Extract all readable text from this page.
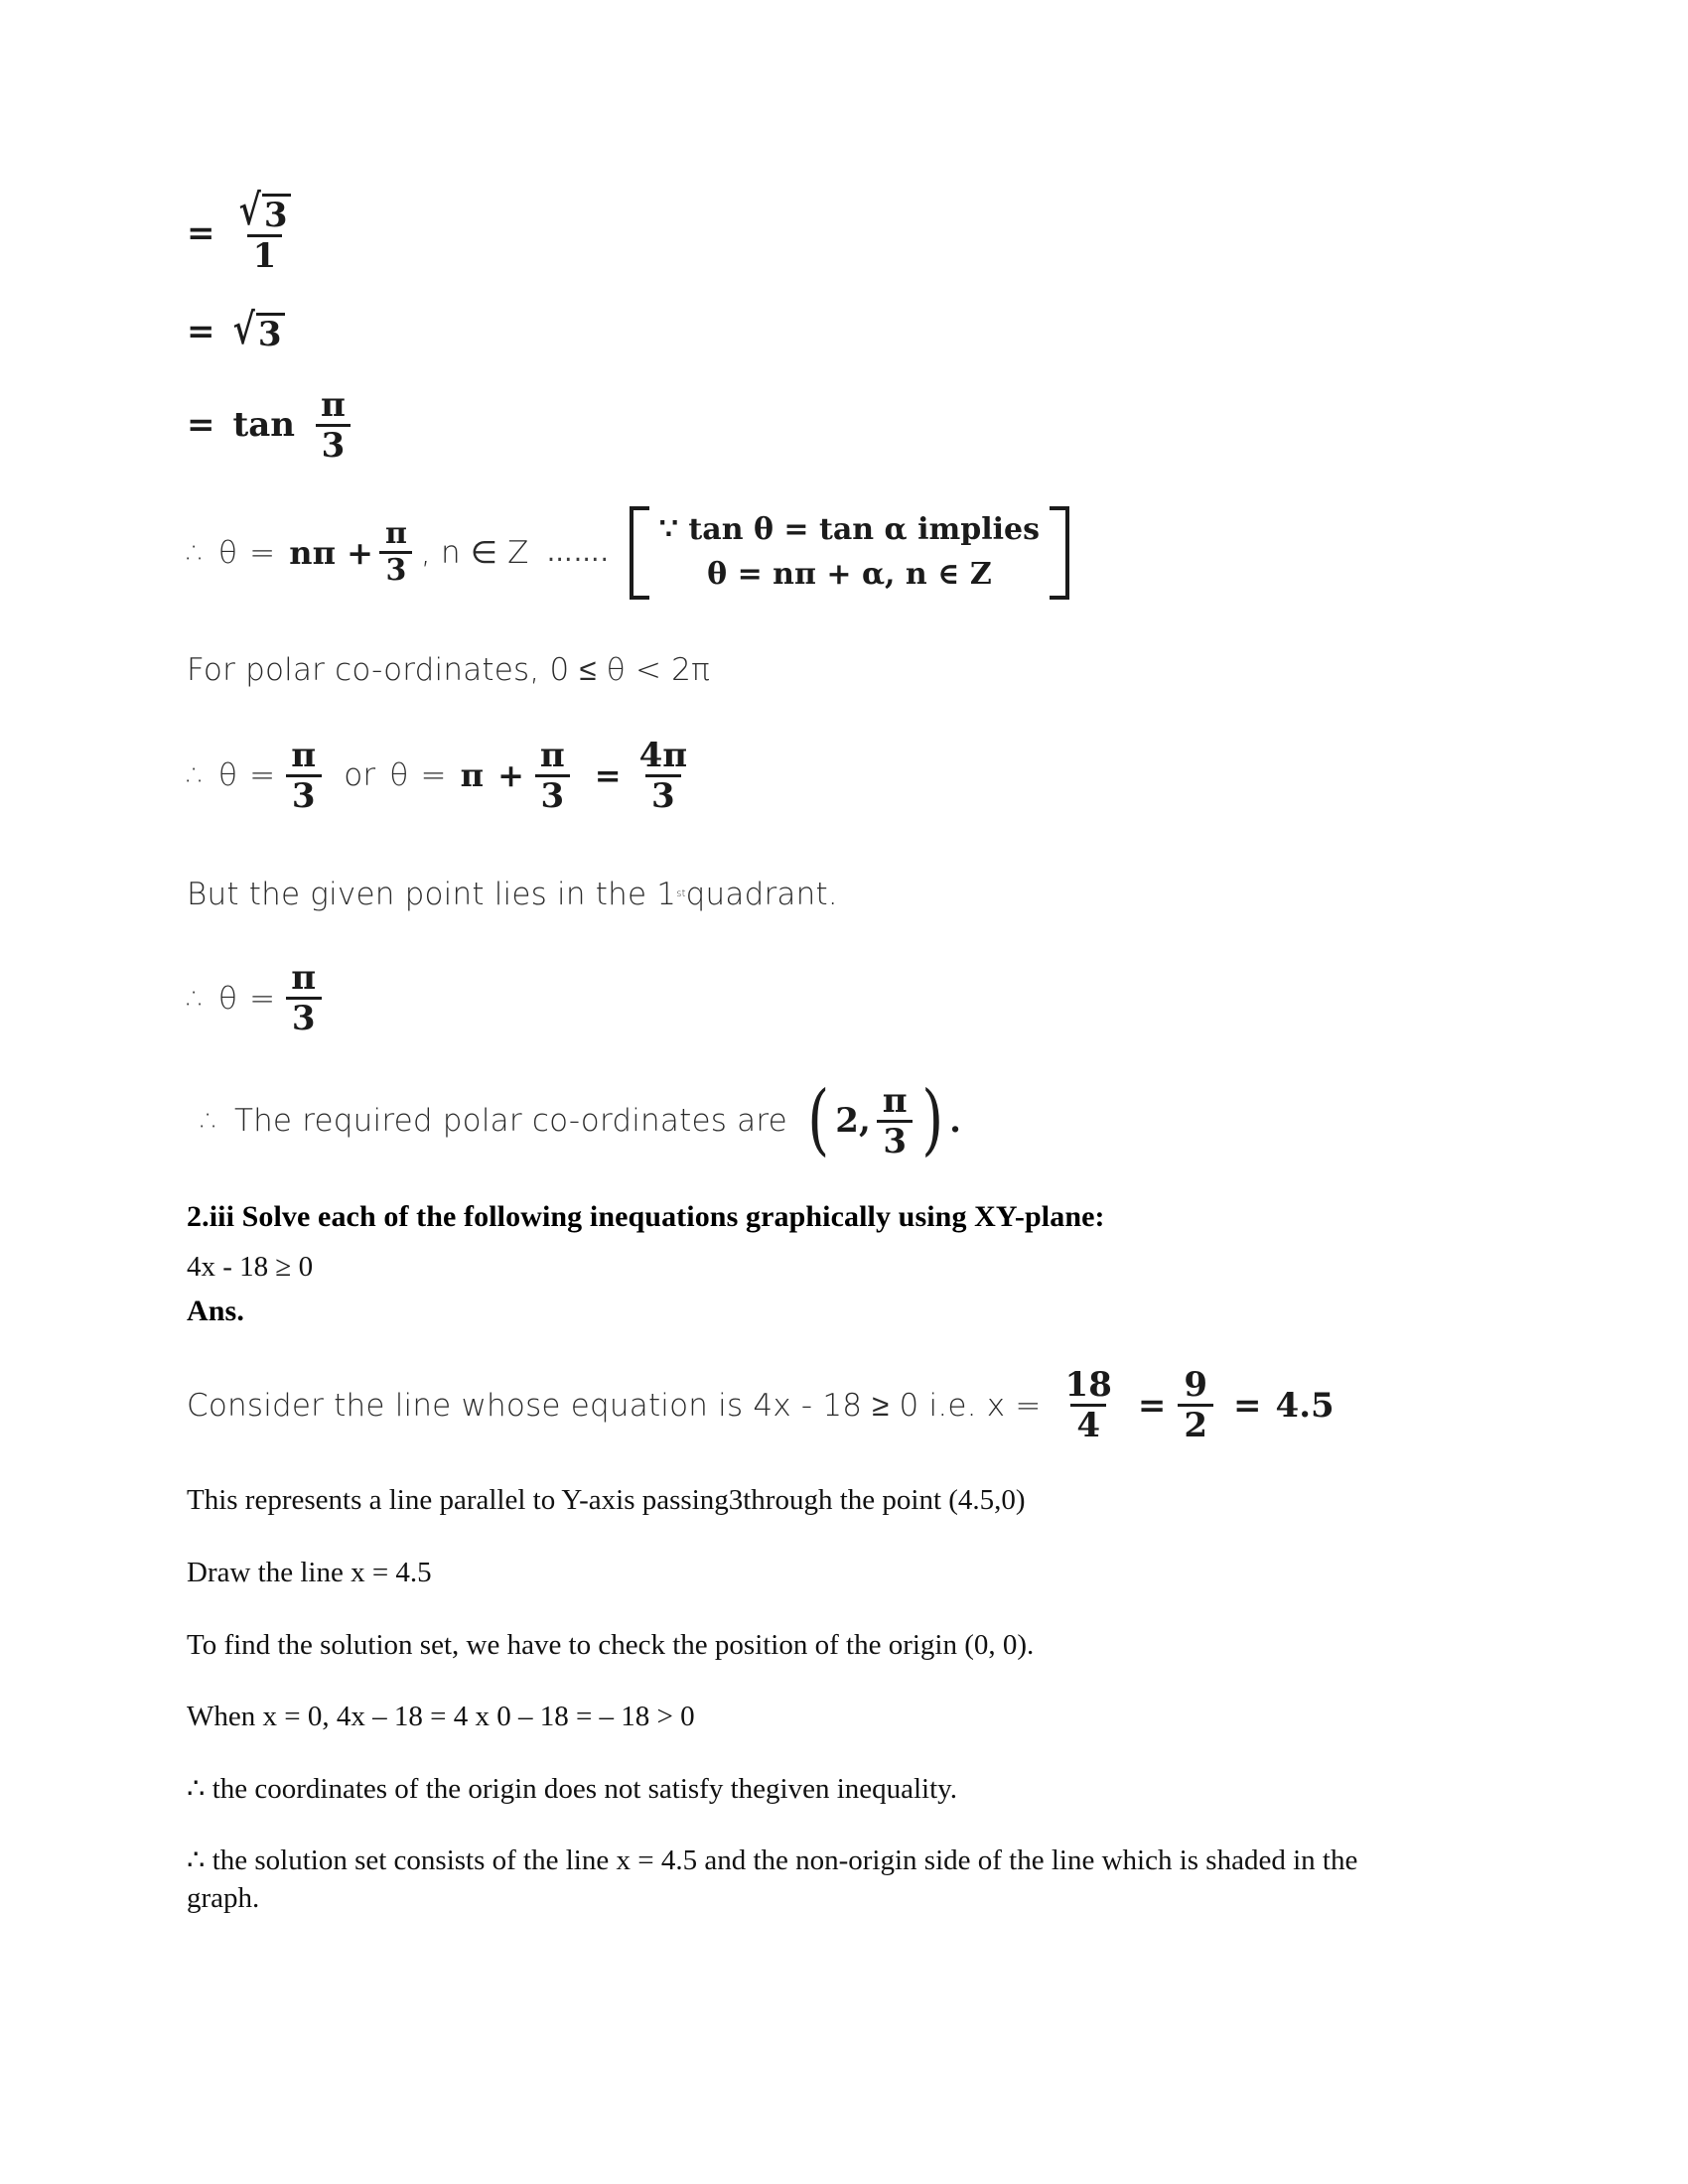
= $\frac{√ 3}{1}$
= √ 3
= $\tan \frac{\pi}{3}$
∴ $\theta = n\pi + \frac{\pi}{3}$ , n ∈ Z …….
∵ tan θ = tan α implies
θ = nπ + α, n ∈ Z
For polar co-ordinates, 0 ≤ θ < 2π
∴ $\theta = \frac{\pi}{3}$ or $\theta = \pi + \frac{\pi}{3} = \frac{4\pi}{3}$
But the given point lies in the 1 st quadrant.
∴ $\theta = \frac{\pi}{3}$
∴ The required polar co-ordinates are ( 2, $\frac{\pi}{3}$ ) .

2.iii Solve each of the following inequations graphically using XY-plane:

4x - 18 ≥ 0

Ans.

Consider the line whose equation is 4x - 18 ≥ 0 i.e. $x = \frac{18}{4} = \frac{9}{2} = 4.5$

This represents a line parallel to Y-axis passing3through the point (4.5,0)

Draw the line x = 4.5

To find the solution set, we have to check the position of the origin (0, 0).

When x = 0, 4x – 18 = 4 x 0 – 18 = – 18 > 0

∴ the coordinates of the origin does not satisfy thegiven inequality.

∴ the solution set consists of the line x = 4.5 and the non-origin side of the line which is shaded in the graph.
